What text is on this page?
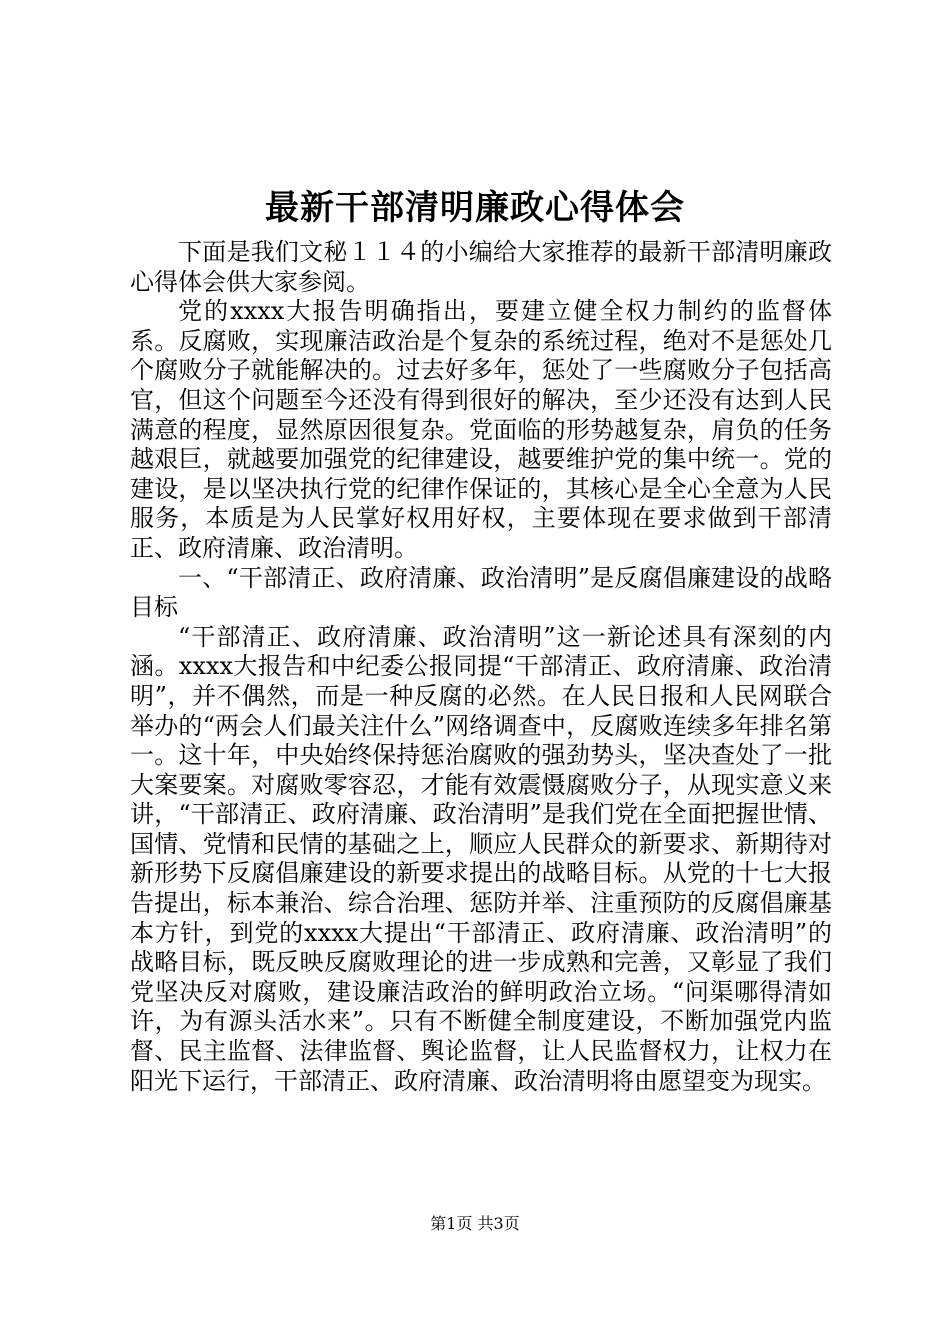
最新干部清明廉政心得体会

下面是我们文秘１１４的小编给大家推荐的最新干部清明廉政心得体会供大家参阅。

党的xxxx大报告明确指出，要建立健全权力制约的监督体系。反腐败，实现廉洁政治是个复杂的系统过程，绝对不是惩处几个腐败分子就能解决的。过去好多年，惩处了一些腐败分子包括高官，但这个问题至今还没有得到很好的解决，至少还没有达到人民满意的程度，显然原因很复杂。党面临的形势越复杂，肩负的任务越艰巨，就越要加强党的纪律建设，越要维护党的集中统一。党的建设，是以坚决执行党的纪律作保证的，其核心是全心全意为人民服务，本质是为人民掌好权用好权，主要体现在要求做到干部清正、政府清廉、政治清明。

一、“干部清正、政府清廉、政治清明”是反腐倡廉建设的战略目标

“干部清正、政府清廉、政治清明”这一新论述具有深刻的内涵。xxxx大报告和中纪委公报同提“干部清正、政府清廉、政治清明”，并不偶然，而是一种反腐的必然。在人民日报和人民网联合举办的“两会人们最关注什么”网络调查中，反腐败连续多年排名第一。这十年，中央始终保持惩治腐败的强劲势头，坚决查处了一批大案要案。对腐败零容忍，才能有效震慑腐败分子，从现实意义来讲，“干部清正、政府清廉、政治清明”是我们党在全面把握世情、国情、党情和民情的基础之上，顺应人民群众的新要求、新期待对新形势下反腐倡廉建设的新要求提出的战略目标。从党的十七大报告提出，标本兼治、综合治理、惩防并举、注重预防的反腐倡廉基本方针，到党的xxxx大提出“干部清正、政府清廉、政治清明”的战略目标，既反映反腐败理论的进一步成熟和完善，又彰显了我们党坚决反对腐败，建设廉洁政治的鲜明政治立场。“问渠哪得清如许，为有源头活水来”。只有不断健全制度建设，不断加强党内监督、民主监督、法律监督、舆论监督，让人民监督权力，让权力在阳光下运行，干部清正、政府清廉、政治清明将由愿望变为现实。

第1页 共3页
